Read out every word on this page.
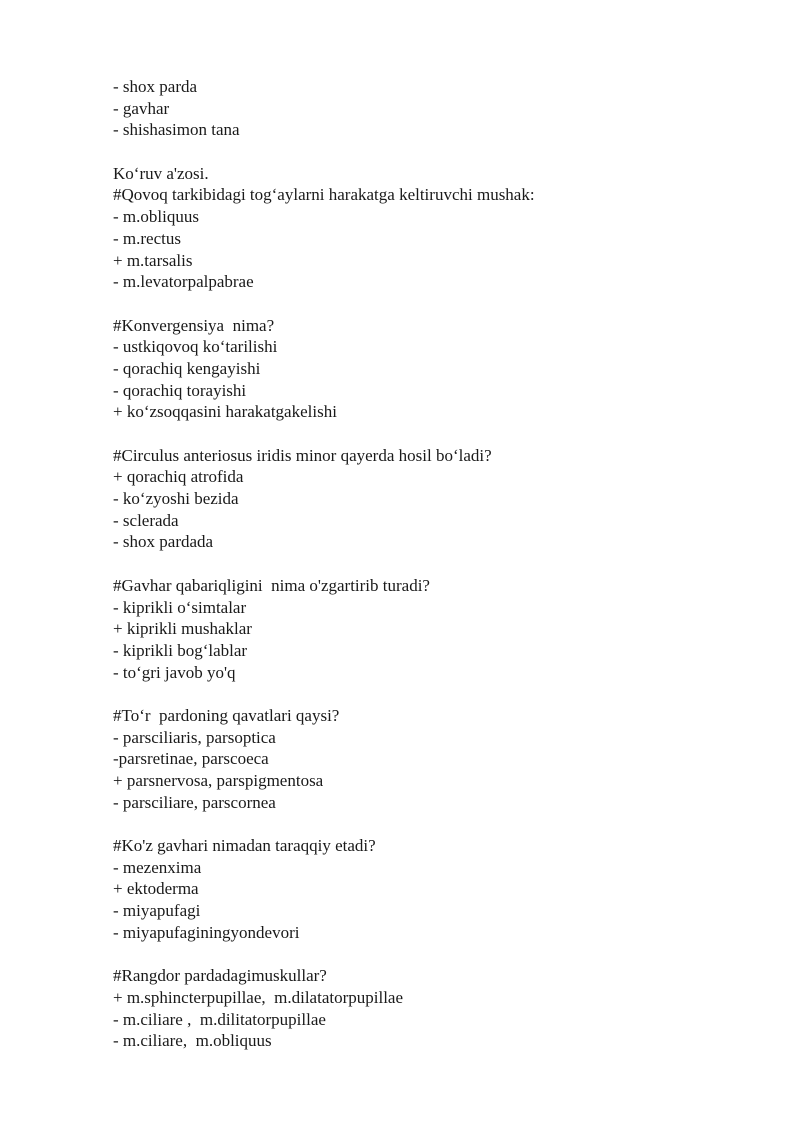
- shox parda
- gavhar
- shishasimon tana
Ko‘ruv a'zosi.
#Qovoq tarkibidagi tog‘aylarni harakatga keltiruvchi mushak:
- m.obliquus
- m.rectus
+ m.tarsalis
- m.levatorpalpabrae
#Konvergensiya  nima?
- ustkiqovoq ko‘tarilishi
- qorachiq kengayishi
- qorachiq torayishi
+ ko‘zsoqqasini harakatgakelishi
#Circulus anteriosus iridis minor qayerda hosil bo‘ladi?
+ qorachiq atrofida
- ko‘zyoshi bezida
- sclerada
- shox pardada
#Gavhar qabariqligini  nima o'zgartirib turadi?
- kiprikli o‘simtalar
+ kiprikli mushaklar
- kiprikli bog‘lablar
- to‘gri javob yo'q
#To‘r  pardoning qavatlari qaysi?
- parsciliaris, parsoptica
-parsretinae, parscoeca
+ parsnervosa, parspigmentosa
- parsciliare, parscornea
#Ko'z gavhari nimadan taraqqiy etadi?
- mezenxima
+ ektoderma
- miyapufagi
- miyapufaginingyondevori
#Rangdor pardadagimuskullar?
+ m.sphincterpupillae,  m.dilatatorpupillae
- m.ciliare ,  m.dilitatorpupillae
- m.ciliare,  m.obliquus
